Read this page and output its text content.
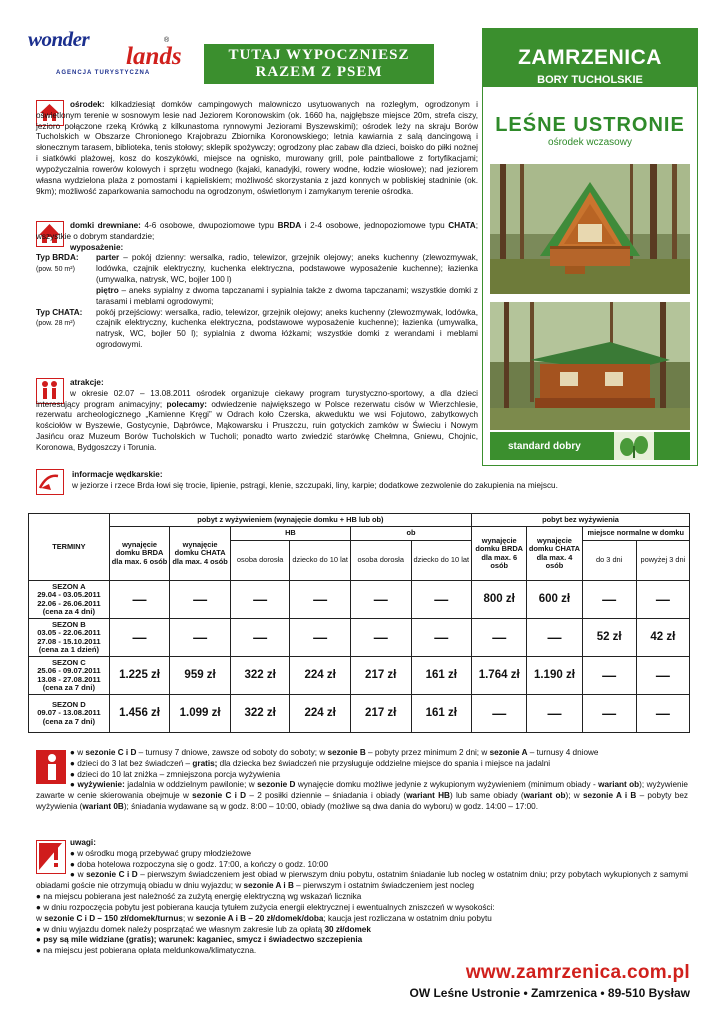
wonder
lands
®
AGENCJA TURYSTYCZNA
TUTAJ WYPOCZNIESZ
RAZEM Z PSEM
ZAMRZENICA
BORY TUCHOLSKIE
LEŚNE USTRONIE
ośrodek wczasowy
standard dobry
ośrodek: kilkadziesiąt domków campingowych malowniczo usytuowanych na rozległym, ogrodzonym i oświetlonym terenie w sosnowym lesie nad Jeziorem Koronowskim (ok. 1660 ha, najgłębsze miejsce 20m, strefa ciszy, jezioro połączone rzeką Krówką z kilkunastoma rynnowymi Jeziorami Byszewskimi); ośrodek leży na skraju Borów Tucholskich w Obszarze Chronionego Krajobrazu Zbiornika Koronowskiego; letnia kawiarnia z salą dancingową i słonecznym tarasem, biblioteka, tenis stołowy; sklepik spożywczy; ogrodzony plac zabaw dla dzieci, boisko do piłki nożnej i siatkówki plażowej, kosz do koszykówki, miejsce na ognisko, murowany grill, pole paintballowe z fortyfikacjami; wypożyczalnia rowerów kolowych i sprzętu wodnego (kajaki, kanadyjki, rowery wodne, łodzie wiosłowe); nad jeziorem własna wydzielona plaża z pomostami i kąpieliskiem; możliwość skorzystania z jazd konnych w pobliskiej stadninie (ok. 9km); możliwość zaparkowania samochodu na ogrodzonym, oświetlonym i zamykanym terenie ośrodka.
domki drewniane: 4-6 osobowe, dwupoziomowe typu BRDA i 2-4 osobowe, jednopoziomowe typu CHATA; wszystkie o dobrym standardzie;
wyposażenie:
Typ BRDA:
(pow. 50 m²)
parter – pokój dzienny: wersalka, radio, telewizor, grzejnik olejowy; aneks kuchenny (zlewozmywak, lodówka, czajnik elektryczny, kuchenka elektryczna, podstawowe wyposażenie kuchenne); łazienka (umywalka, natrysk, WC, bojler 100 l)
piętro – aneks sypialny z dwoma tapczanami i sypialnia także z dwoma tapczanami; wszystkie domki z tarasami i meblami ogrodowymi;
Typ CHATA:
(pow. 28 m²)
pokój przejściowy: wersalka, radio, telewizor, grzejnik olejowy; aneks kuchenny (zlewozmywak, lodówka, czajnik elektryczny, kuchenka elektryczna, podstawowe wyposażenie kuchenne); łazienka (umywalka, natrysk, WC, bojler 50 l); sypialnia z dwoma łóżkami; wszystkie domki z werandami i meblami ogrodowymi.
atrakcje:
w okresie 02.07 – 13.08.2011 ośrodek organizuje ciekawy program turystyczno-sportowy, a dla dzieci interesujący program animacyjny; polecamy: odwiedzenie największego w Polsce rezerwatu cisów w Wierzchlesie, rezerwatu archeologicznego „Kamienne Kręgi” w Odrach koło Czerska, akweduktu we wsi Fojutowo, zabytkowych kościołów w Byszewie, Gostycynie, Dąbrówce, Mąkowarsku i Pruszczu, ruin gotyckich zamków w Świeciu i Nowym Jasińcu oraz Muzeum Borów Tucholskich w Tucholi; ponadto warto zwiedzić starówkę Chełmna, Gniewu, Chojnic, Koronowa, Bydgoszczy i Torunia.
informacje wędkarskie:
w jeziorze i rzece Brda łowi się trocie, lipienie, pstrągi, klenie, szczupaki, liny, karpie; dodatkowe zezwolenie do zakupienia na miejscu.
TERMINY	pobyt z wyżywieniem (wynajęcie domku + HB lub ob)						pobyt bez wyżywienia			
	wynajęcie domku BRDA dla max. 6 osób	wynajęcie domku CHATA dla max. 4 osób	HB		ob		wynajęcie domku BRDA dla max. 6 osób	wynajęcie domku CHATA dla max. 4 osób	miejsce normalne w domku	
			osoba dorosła	dziecko do 10 lat	osoba dorosła	dziecko do 10 lat			do 3 dni	powyżej 3 dni

SEZON A
29.04 - 03.05.2011
22.06 - 26.06.2011
(cena za 4 dni)	—	—	—	—	—	—	800 zł	600 zł	—	—

SEZON B
03.05 - 22.06.2011
27.08 - 15.10.2011
(cena za 1 dzień)	—	—	—	—	—	—	—	—	52 zł	42 zł

SEZON C
25.06 - 09.07.2011
13.08 - 27.08.2011
(cena za 7 dni)	1.225 zł	959 zł	322 zł	224 zł	217 zł	161 zł	1.764 zł	1.190 zł	—	—

SEZON D
09.07 - 13.08.2011
(cena za 7 dni)	1.456 zł	1.099 zł	322 zł	224 zł	217 zł	161 zł	—	—	—	—
● w sezonie C i D – turnusy 7 dniowe, zawsze od soboty do soboty; w sezonie B – pobyty przez minimum 2 dni; w sezonie A – turnusy 4 dniowe
● dzieci do 3 lat bez świadczeń – gratis; dla dziecka bez świadczeń nie przysługuje oddzielne miejsce do spania i miejsce na jadalni
● dzieci do 10 lat zniżka – zmniejszona porcja wyżywienia
● wyżywienie: jadalnia w oddzielnym pawilonie; w sezonie D wynajęcie domku możliwe jedynie z wykupionym wyżywieniem (minimum obiady - wariant ob); wyżywienie zawarte w cenie skierowania obejmuje w sezonie C i D – 2 posiłki dziennie – śniadania i obiady (wariant HB) lub same obiady (wariant ob); w sezonie A i B – pobyty bez wyżywienia (wariant 0B); śniadania wydawane są w godz. 8:00 – 10:00, obiady (możliwe są dwa dania do wyboru) w godz. 14:00 – 17:00.
uwagi:
● w ośrodku mogą przebywać grupy młodzieżowe
● doba hotelowa rozpoczyna się o godz. 17:00, a kończy o godz. 10:00
● w sezonie C i D – pierwszym świadczeniem jest obiad w pierwszym dniu pobytu, ostatnim śniadanie lub nocleg w ostatnim dniu; przy pobytach wykupionych z samymi obiadami goście nie otrzymują obiadu w dniu wyjazdu; w sezonie A i B – pierwszym i ostatnim świadczeniem jest nocleg
● na miejscu pobierana jest należność za zużytą energię elektryczną wg wskazań licznika
● w dniu rozpoczęcia pobytu jest pobierana kaucja tytułem zużycia energii elektrycznej i ewentualnych zniszczeń w wysokości:
w sezonie C i D – 150 zł/domek/turnus; w sezonie A i B – 20 zł/domek/doba; kaucja jest rozliczana w ostatnim dniu pobytu
● w dniu wyjazdu domek należy posprzątać we własnym zakresie lub za opłatą 30 zł/domek
● psy są mile widziane (gratis); warunek: kaganiec, smycz i świadectwo szczepienia
● na miejscu jest pobierana opłata meldunkowa/klimatyczna.
www.zamrzenica.com.pl
OW Leśne Ustronie • Zamrzenica • 89-510 Bysław
